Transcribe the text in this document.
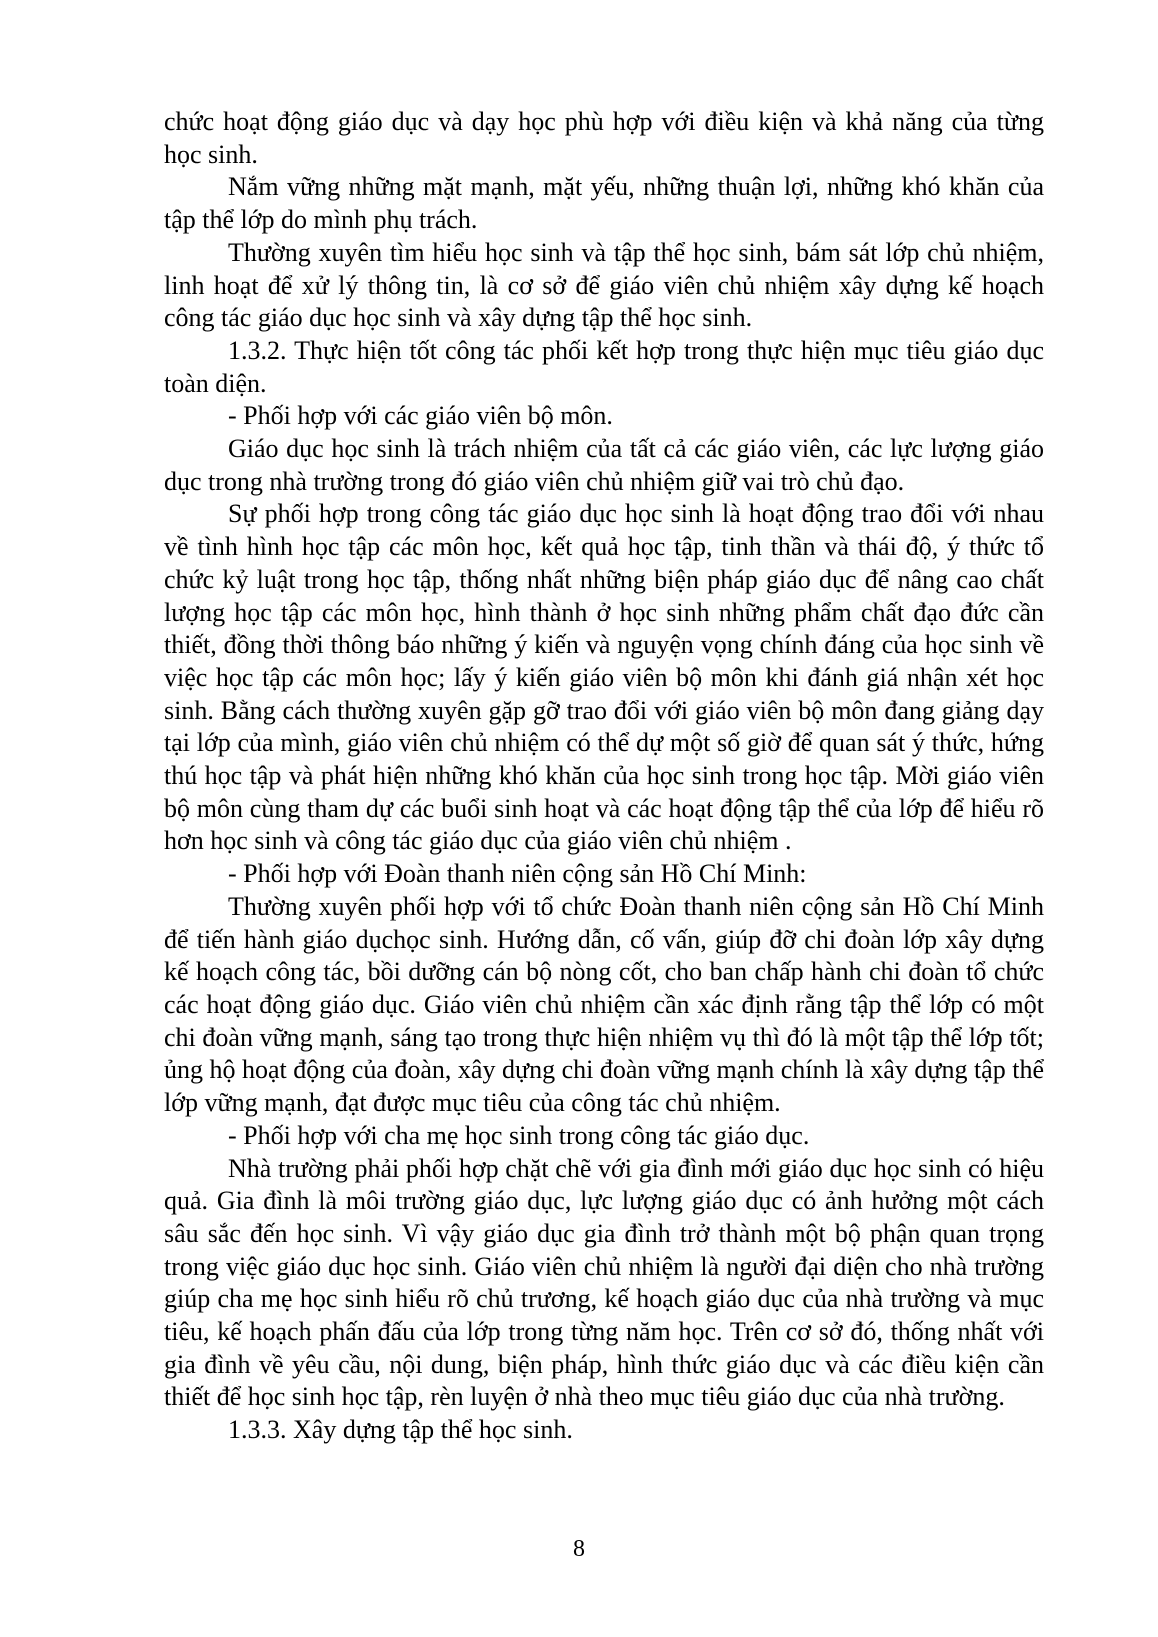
chức hoạt động giáo dục và dạy học phù hợp với điều kiện và khả năng của từng học sinh.

Nắm vững những mặt mạnh, mặt yếu, những thuận lợi, những khó khăn của tập thể lớp do mình phụ trách.

Thường xuyên tìm hiểu học sinh và tập thể học sinh, bám sát lớp chủ nhiệm, linh hoạt để xử lý thông tin, là cơ sở để giáo viên chủ nhiệm xây dựng kế hoạch công tác giáo dục học sinh và xây dựng tập thể học sinh.

1.3.2. Thực hiện tốt công tác phối kết hợp trong thực hiện mục tiêu giáo dục toàn diện.

- Phối hợp với các giáo viên bộ môn.

Giáo dục học sinh là trách nhiệm của tất cả các giáo viên, các lực lượng giáo dục trong nhà trường trong đó giáo viên chủ nhiệm giữ vai trò chủ đạo.

Sự phối hợp trong công tác giáo dục học sinh là hoạt động trao đổi với nhau về tình hình học tập các môn học, kết quả học tập, tinh thần và thái độ, ý thức tổ chức kỷ luật trong học tập, thống nhất những biện pháp giáo dục để nâng cao chất lượng học tập các môn học, hình thành ở học sinh những phẩm chất đạo đức cần thiết, đồng thời thông báo những ý kiến và nguyện vọng chính đáng của học sinh về việc học tập các môn học; lấy ý kiến giáo viên bộ môn khi đánh giá nhận xét học sinh. Bằng cách thường xuyên gặp gỡ trao đổi với giáo viên bộ môn đang giảng dạy tại lớp của mình, giáo viên chủ nhiệm có thể dự một số giờ để quan sát ý thức, hứng thú học tập và phát hiện những khó khăn của học sinh trong học tập. Mời giáo viên bộ môn cùng tham dự các buổi sinh hoạt và các hoạt động tập thể của lớp để hiểu rõ hơn học sinh và công tác giáo dục của giáo viên chủ nhiệm .

- Phối hợp với Đoàn thanh niên cộng sản Hồ Chí Minh:

Thường xuyên phối hợp với tổ chức Đoàn thanh niên cộng sản Hồ Chí Minh để tiến hành giáo dụchọc sinh. Hướng dẫn, cố vấn, giúp đỡ chi đoàn lớp xây dựng kế hoạch công tác, bồi dưỡng cán bộ nòng cốt, cho ban chấp hành chi đoàn tổ chức các hoạt động giáo dục. Giáo viên chủ nhiệm cần xác định rằng tập thể lớp có một chi đoàn vững mạnh, sáng tạo trong thực hiện nhiệm vụ thì đó là một tập thể lớp tốt; ủng hộ hoạt động của đoàn, xây dựng chi đoàn vững mạnh chính là xây dựng tập thể lớp vững mạnh, đạt được mục tiêu của công tác chủ nhiệm.

- Phối hợp với cha mẹ học sinh trong công tác giáo dục.

Nhà trường phải phối hợp chặt chẽ với gia đình mới giáo dục học sinh có hiệu quả. Gia đình là môi trường giáo dục, lực lượng giáo dục có ảnh hưởng một cách sâu sắc đến học sinh. Vì vậy giáo dục gia đình trở thành một bộ phận quan trọng trong việc giáo dục học sinh. Giáo viên chủ nhiệm là người đại diện cho nhà trường giúp cha mẹ học sinh hiểu rõ chủ trương, kế hoạch giáo dục của nhà trường và mục tiêu, kế hoạch phấn đấu của lớp trong từng năm học. Trên cơ sở đó, thống nhất với gia đình về yêu cầu, nội dung, biện pháp, hình thức giáo dục và các điều kiện cần thiết để học sinh học tập, rèn luyện ở nhà theo mục tiêu giáo dục của nhà trường.

1.3.3. Xây dựng tập thể học sinh.

8
